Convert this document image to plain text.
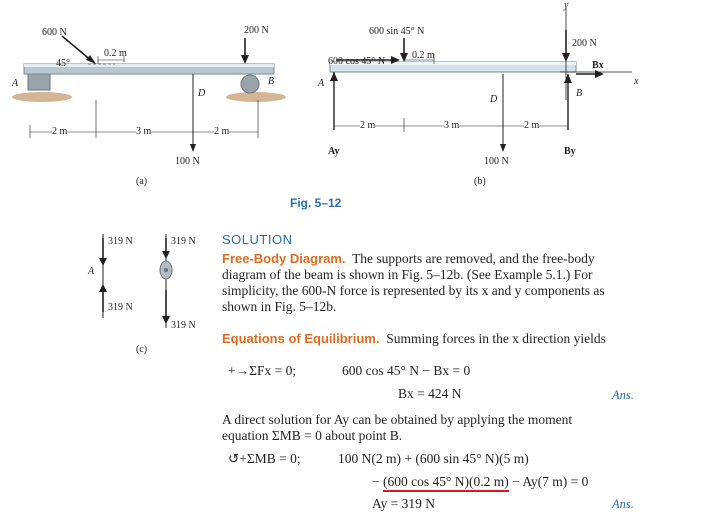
600 N	200 N
45°
0.2 m
A	B
D
2 m	3 m	2 m
100 N
(a)
600 sin 45° N
600 cos 45° N
0.2 m
200 N
A
B
D
Bx
By
Ay
x
y
2 m	3 m	2 m
100 N
(b)
Fig. 5–12
319 N
319 N
319 N
319 N
A
(c)
SOLUTION
Free-Body Diagram. The supports are removed, and the free-body
diagram of the beam is shown in Fig. 5–12b. (See Example 5.1.) For
simplicity, the 600-N force is represented by its x and y components as
shown in Fig. 5–12b.
Equations of Equilibrium. Summing forces in the x direction yields
+→ΣFx = 0;	600 cos 45° N − Bx = 0
Bx = 424 N	Ans.
A direct solution for Ay can be obtained by applying the moment
equation ΣMB = 0 about point B.
↺+ΣMB = 0;	100 N(2 m) + (600 sin 45° N)(5 m)
− (600 cos 45° N)(0.2 m) − Ay(7 m) = 0
Ay = 319 N	Ans.
